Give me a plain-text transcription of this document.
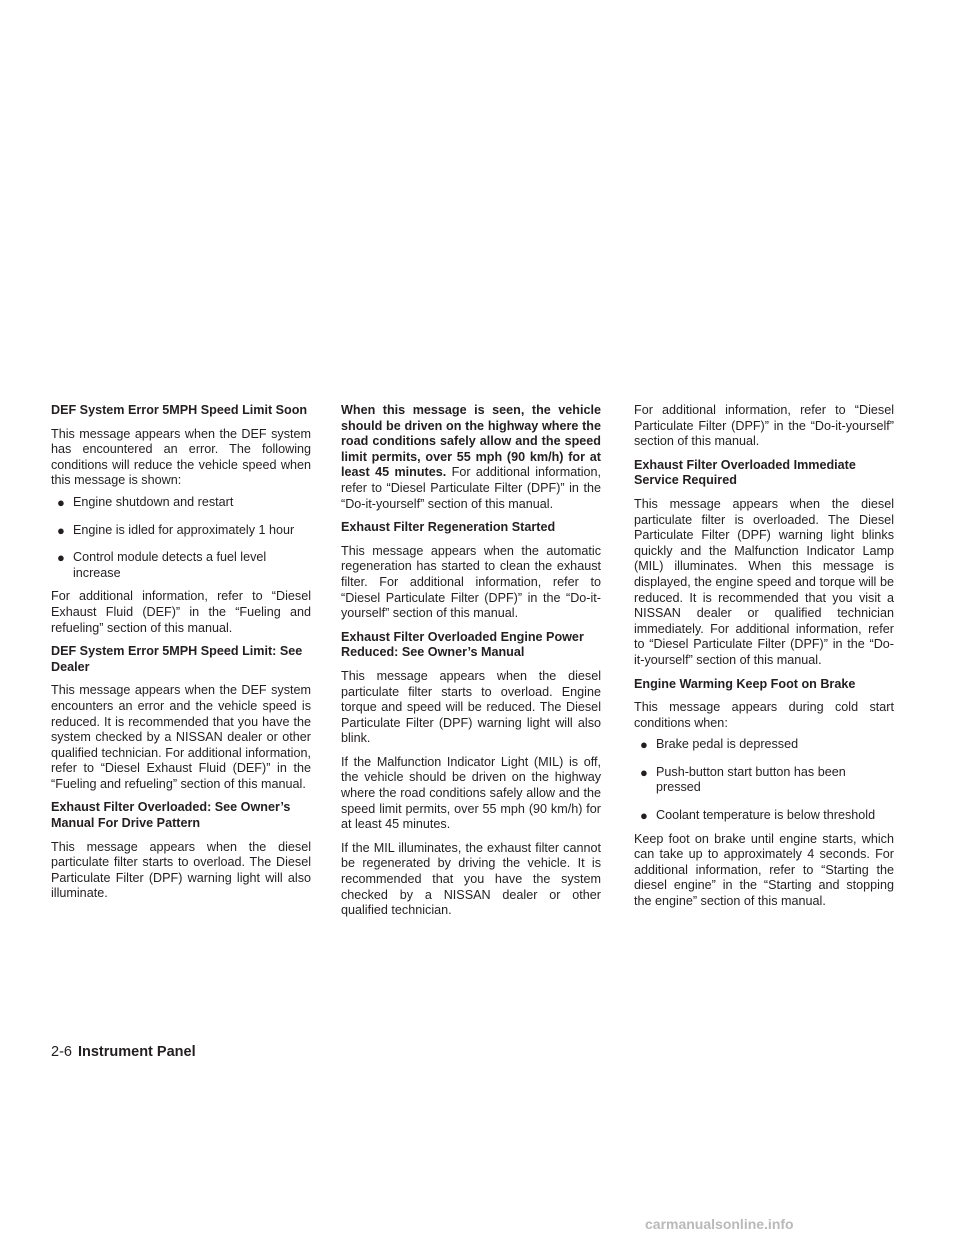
DEF System Error 5MPH Speed Limit Soon
This message appears when the DEF system has encountered an error. The following conditions will reduce the vehicle speed when this message is shown:
● Engine shutdown and restart
● Engine is idled for approximately 1 hour
● Control module detects a fuel level increase
For additional information, refer to “Diesel Exhaust Fluid (DEF)” in the “Fueling and refueling” section of this manual.
DEF System Error 5MPH Speed Limit: See Dealer
This message appears when the DEF system encounters an error and the vehicle speed is reduced. It is recommended that you have the system checked by a NISSAN dealer or other qualified technician. For additional information, refer to “Diesel Exhaust Fluid (DEF)” in the “Fueling and refueling” section of this manual.
Exhaust Filter Overloaded: See Owner’s Manual For Drive Pattern
This message appears when the diesel particulate filter starts to overload. The Diesel Particulate Filter (DPF) warning light will also illuminate.
When this message is seen, the vehicle should be driven on the highway where the road conditions safely allow and the speed limit permits, over 55 mph (90 km/h) for at least 45 minutes. For additional information, refer to “Diesel Particulate Filter (DPF)” in the “Do-it-yourself” section of this manual.
Exhaust Filter Regeneration Started
This message appears when the automatic regeneration has started to clean the exhaust filter. For additional information, refer to “Diesel Particulate Filter (DPF)” in the “Do-it-yourself” section of this manual.
Exhaust Filter Overloaded Engine Power Reduced: See Owner’s Manual
This message appears when the diesel particulate filter starts to overload. Engine torque and speed will be reduced. The Diesel Particulate Filter (DPF) warning light will also blink.
If the Malfunction Indicator Light (MIL) is off, the vehicle should be driven on the highway where the road conditions safely allow and the speed limit permits, over 55 mph (90 km/h) for at least 45 minutes.
If the MIL illuminates, the exhaust filter cannot be regenerated by driving the vehicle. It is recommended that you have the system checked by a NISSAN dealer or other qualified technician.
For additional information, refer to “Diesel Particulate Filter (DPF)” in the “Do-it-yourself” section of this manual.
Exhaust Filter Overloaded Immediate Service Required
This message appears when the diesel particulate filter is overloaded. The Diesel Particulate Filter (DPF) warning light blinks quickly and the Malfunction Indicator Lamp (MIL) illuminates. When this message is displayed, the engine speed and torque will be reduced. It is recommended that you visit a NISSAN dealer or qualified technician immediately. For additional information, refer to “Diesel Particulate Filter (DPF)” in the “Do-it-yourself” section of this manual.
Engine Warming Keep Foot on Brake
This message appears during cold start conditions when:
● Brake pedal is depressed
● Push-button start button has been pressed
● Coolant temperature is below threshold
Keep foot on brake until engine starts, which can take up to approximately 4 seconds. For additional information, refer to “Starting the diesel engine” in the “Starting and stopping the engine” section of this manual.
2-6 Instrument Panel
carmanualsonline.info
